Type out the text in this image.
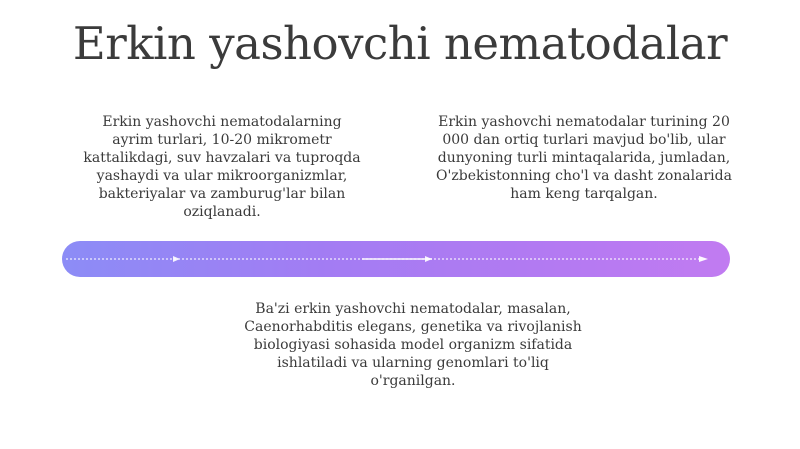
Erkin yashovchi nematodalar

Erkin yashovchi nematodalarning
ayrim turlari, 10-20 mikrometr
kattalikdagi, suv havzalari va tuproqda
yashaydi va ular mikroorganizmlar,
bakteriyalar va zamburug'lar bilan
oziqlanadi.

Erkin yashovchi nematodalar turining 20
000 dan ortiq turlari mavjud bo'lib, ular
dunyoning turli mintaqalarida, jumladan,
O'zbekistonning cho'l va dasht zonalarida
ham keng tarqalgan.

Ba'zi erkin yashovchi nematodalar, masalan,
Caenorhabditis elegans, genetika va rivojlanish
biologiyasi sohasida model organizm sifatida
ishlatiladi va ularning genomlari to'liq
o'rganilgan.
